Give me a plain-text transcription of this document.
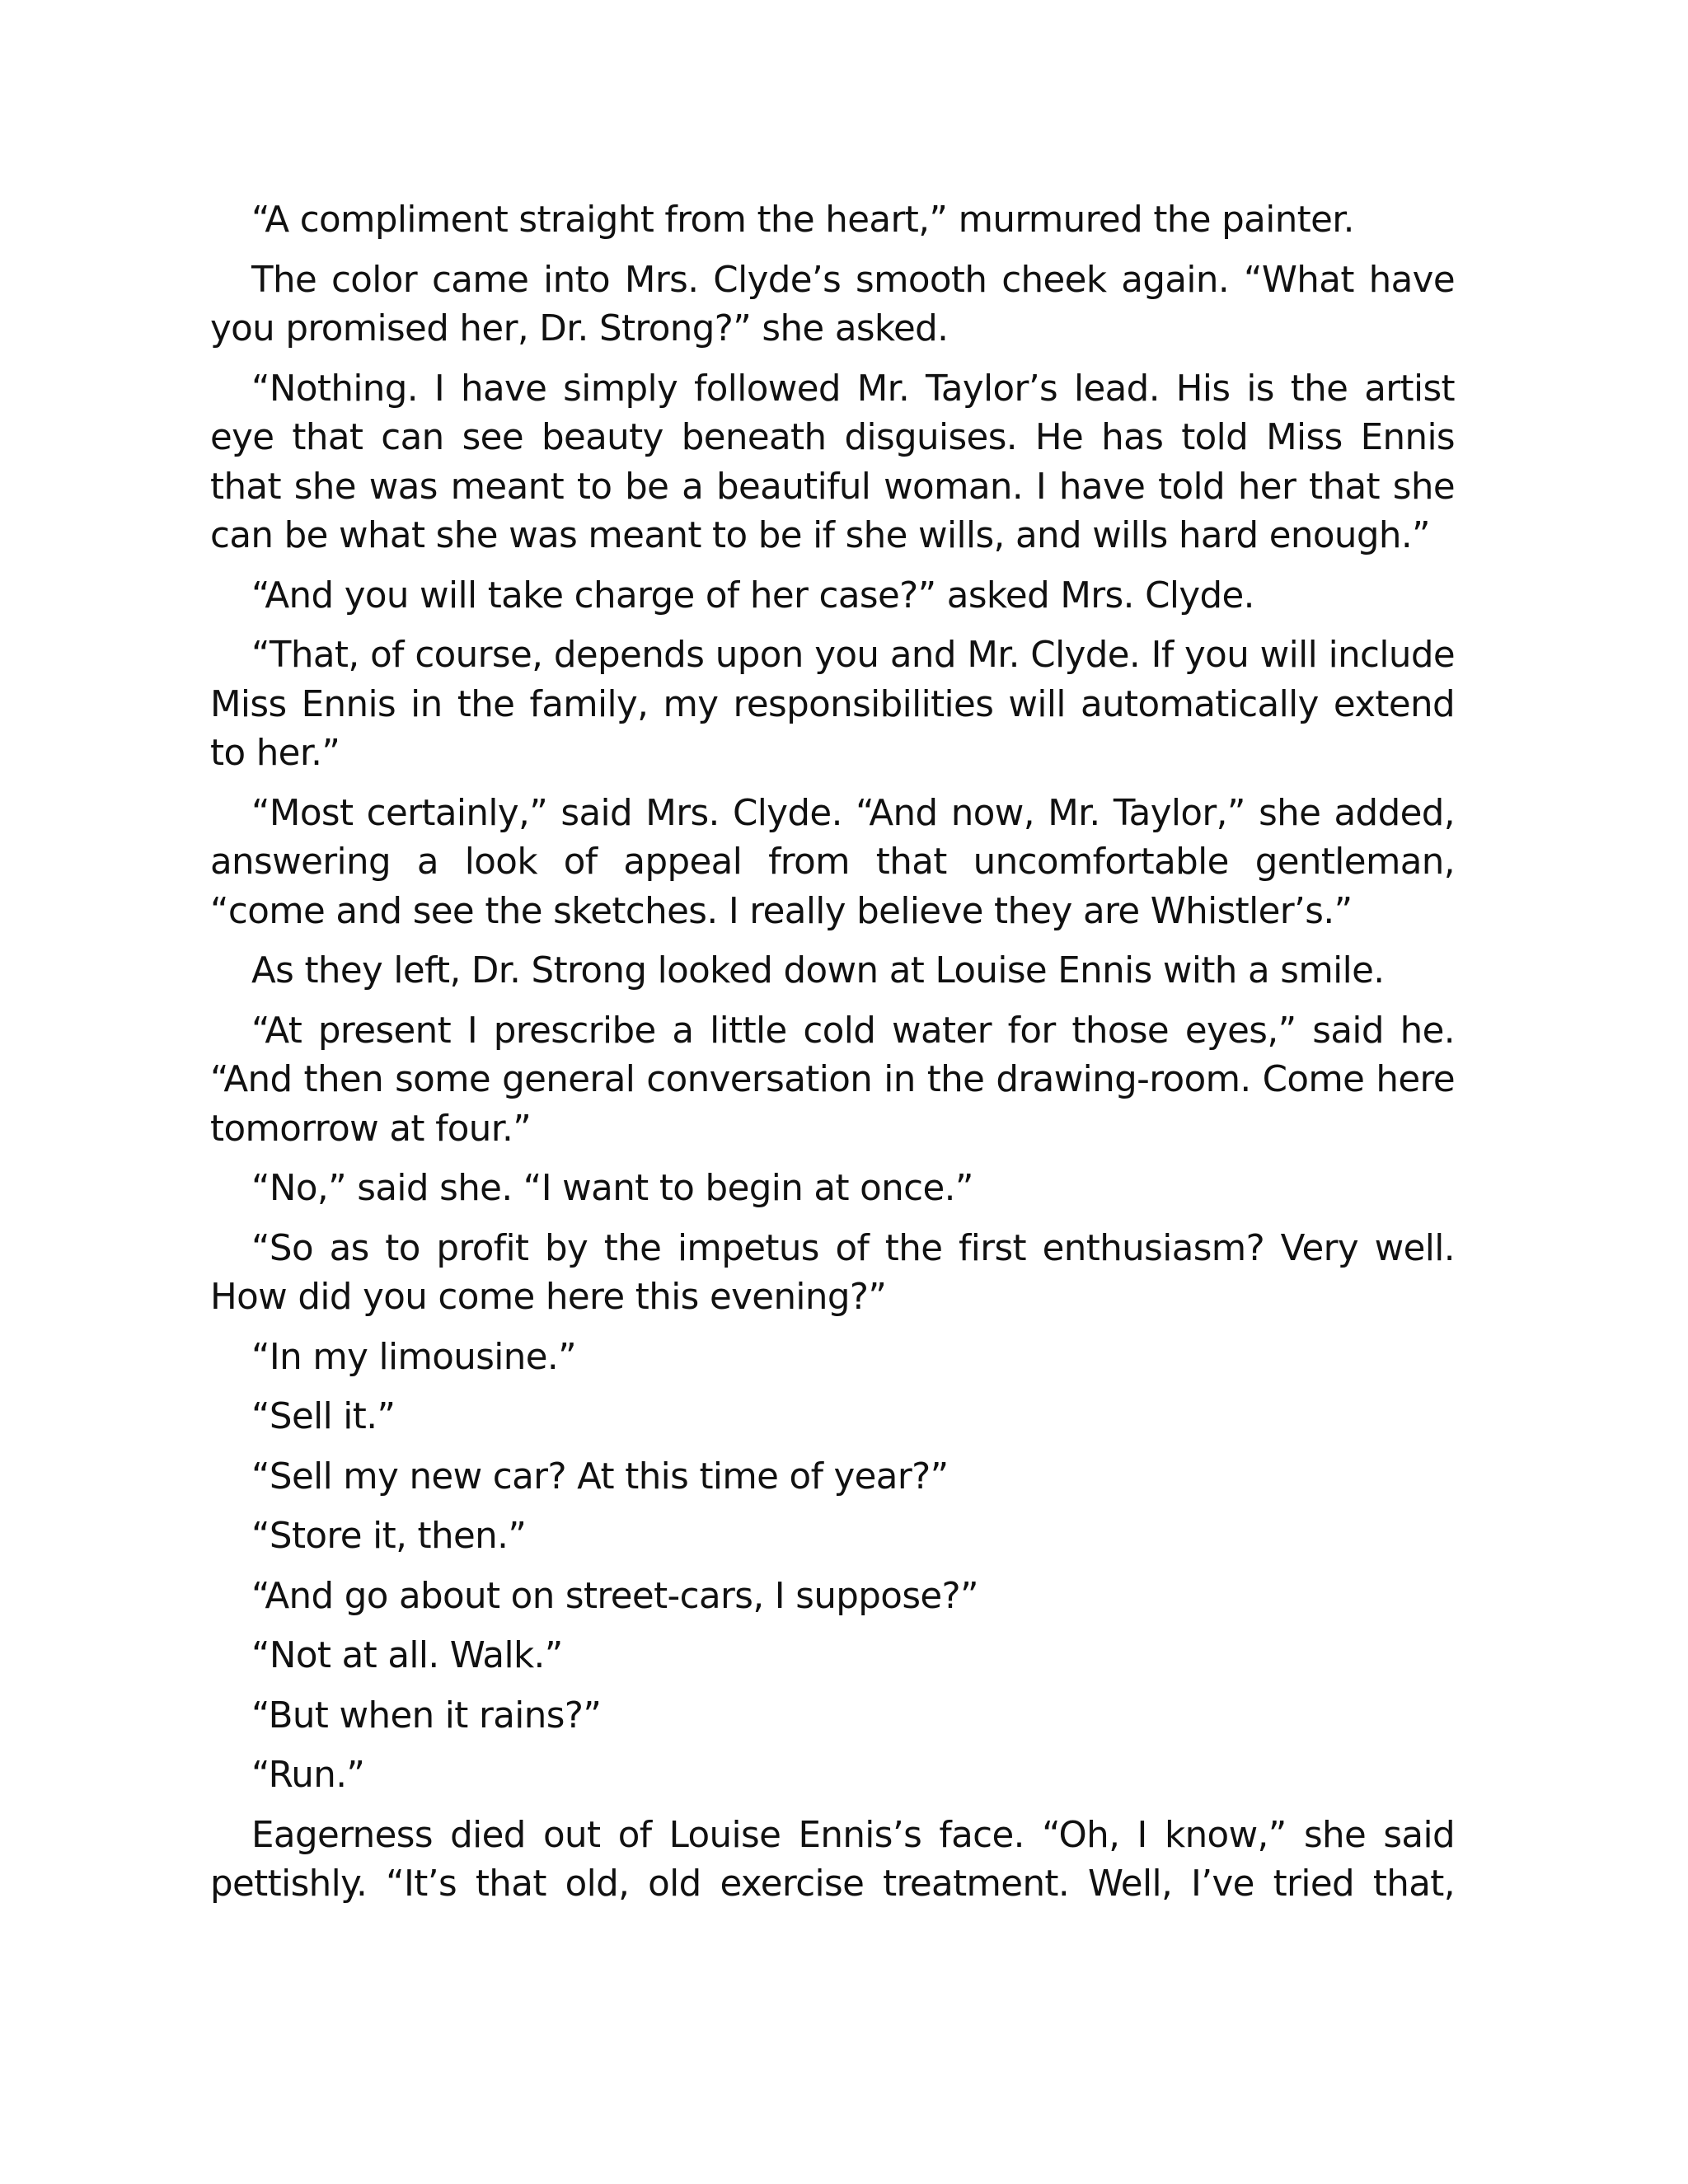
“A compliment straight from the heart,” murmured the painter.

The color came into Mrs. Clyde’s smooth cheek again. “What have you promised her, Dr. Strong?” she asked.

“Nothing. I have simply followed Mr. Taylor’s lead. His is the artist eye that can see beauty beneath disguises. He has told Miss Ennis that she was meant to be a beautiful woman. I have told her that she can be what she was meant to be if she wills, and wills hard enough.”

“And you will take charge of her case?” asked Mrs. Clyde.

“That, of course, depends upon you and Mr. Clyde. If you will include Miss Ennis in the family, my responsibilities will automatically extend to her.”

“Most certainly,” said Mrs. Clyde. “And now, Mr. Taylor,” she added, answering a look of appeal from that uncomfortable gentleman, “come and see the sketches. I really believe they are Whistler’s.”

As they left, Dr. Strong looked down at Louise Ennis with a smile.

“At present I prescribe a little cold water for those eyes,” said he. “And then some general conversation in the drawing-room. Come here tomorrow at four.”

“No,” said she. “I want to begin at once.”

“So as to profit by the impetus of the first enthusiasm? Very well. How did you come here this evening?”

“In my limousine.”

“Sell it.”

“Sell my new car? At this time of year?”

“Store it, then.”

“And go about on street-cars, I suppose?”

“Not at all. Walk.”

“But when it rains?”

“Run.”

Eagerness died out of Louise Ennis’s face. “Oh, I know,” she said pettishly. “It’s that old, old exercise treatment. Well, I’ve tried that,
